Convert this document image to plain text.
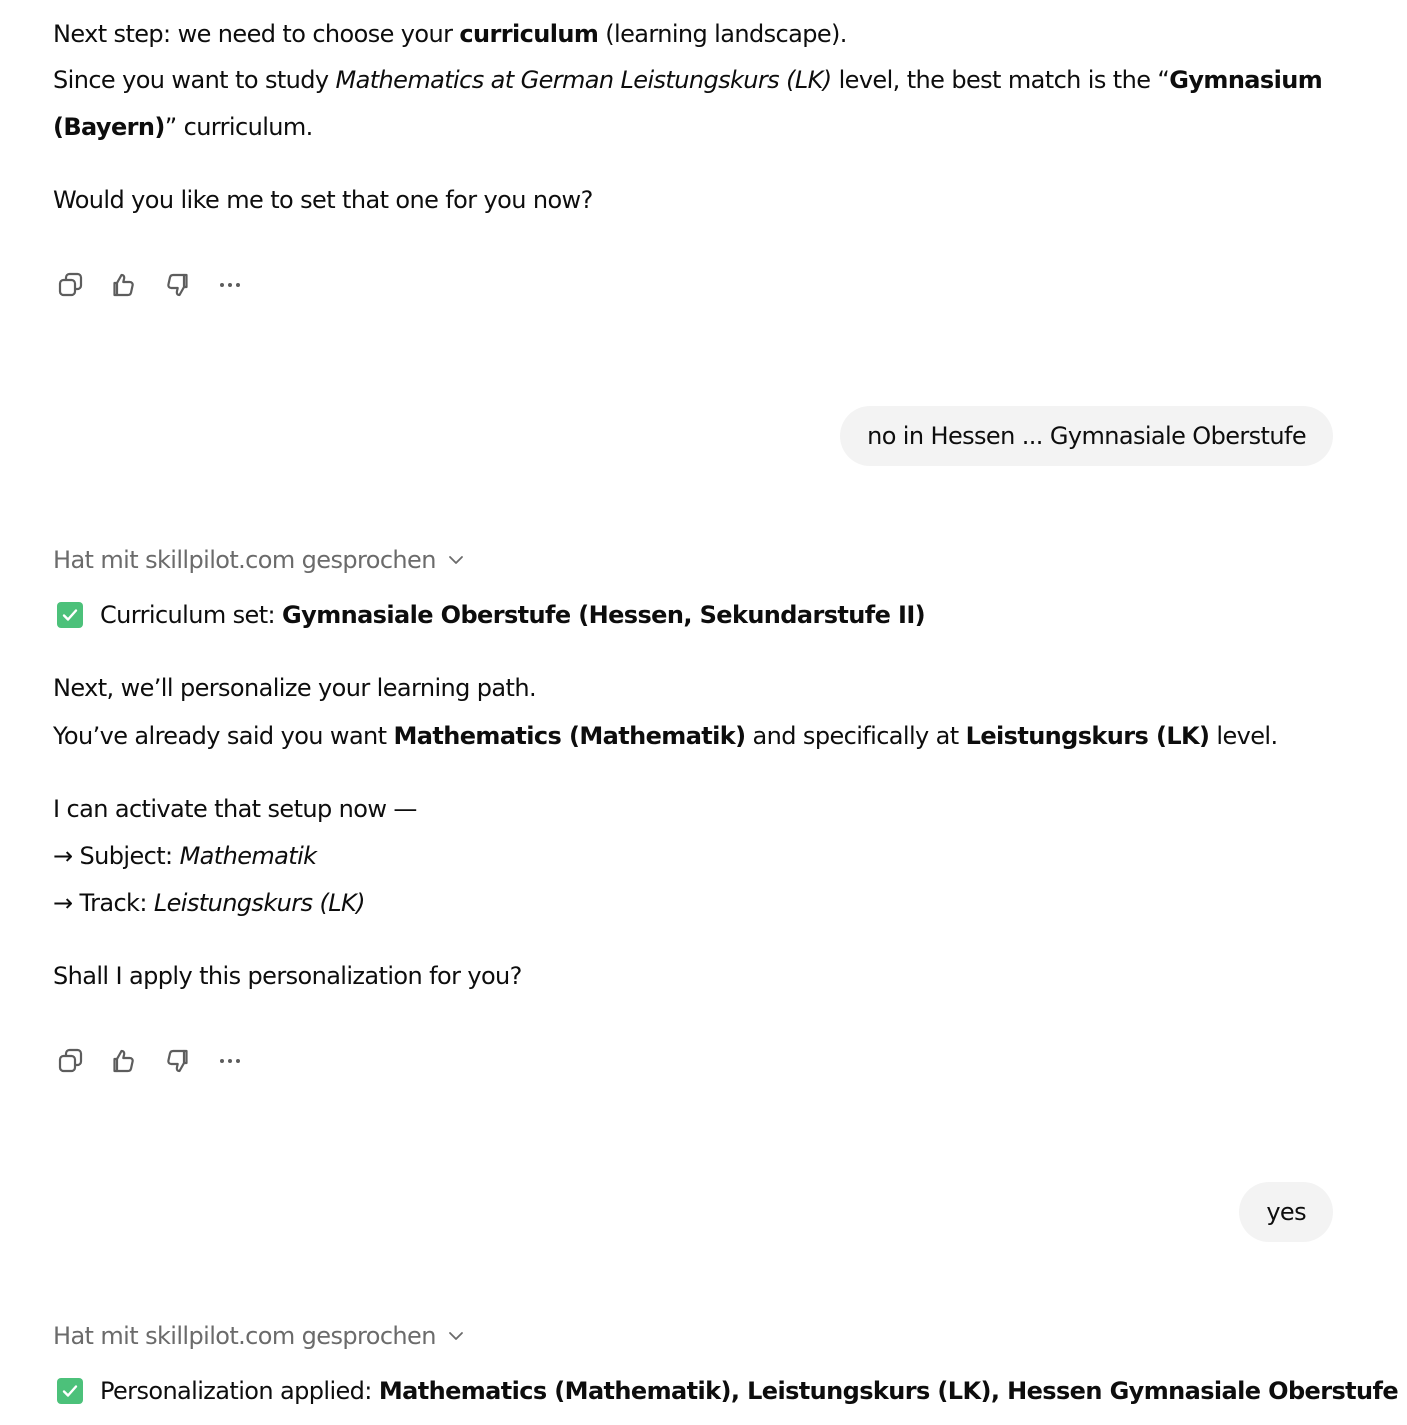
Next step: we need to choose your curriculum (learning landscape).
Since you want to study Mathematics at German Leistungskurs (LK) level, the best match is the “Gymnasium
(Bayern)” curriculum.
Would you like me to set that one for you now?
no in Hessen ... Gymnasiale Oberstufe
Hat mit skillpilot.com gesprochen
Curriculum set: Gymnasiale Oberstufe (Hessen, Sekundarstufe II)
Next, we’ll personalize your learning path.
You’ve already said you want Mathematics (Mathematik) and specifically at Leistungskurs (LK) level.
I can activate that setup now —
→ Subject: Mathematik
→ Track: Leistungskurs (LK)
Shall I apply this personalization for you?
yes
Hat mit skillpilot.com gesprochen
Personalization applied: Mathematics (Mathematik), Leistungskurs (LK), Hessen Gymnasiale Oberstufe
